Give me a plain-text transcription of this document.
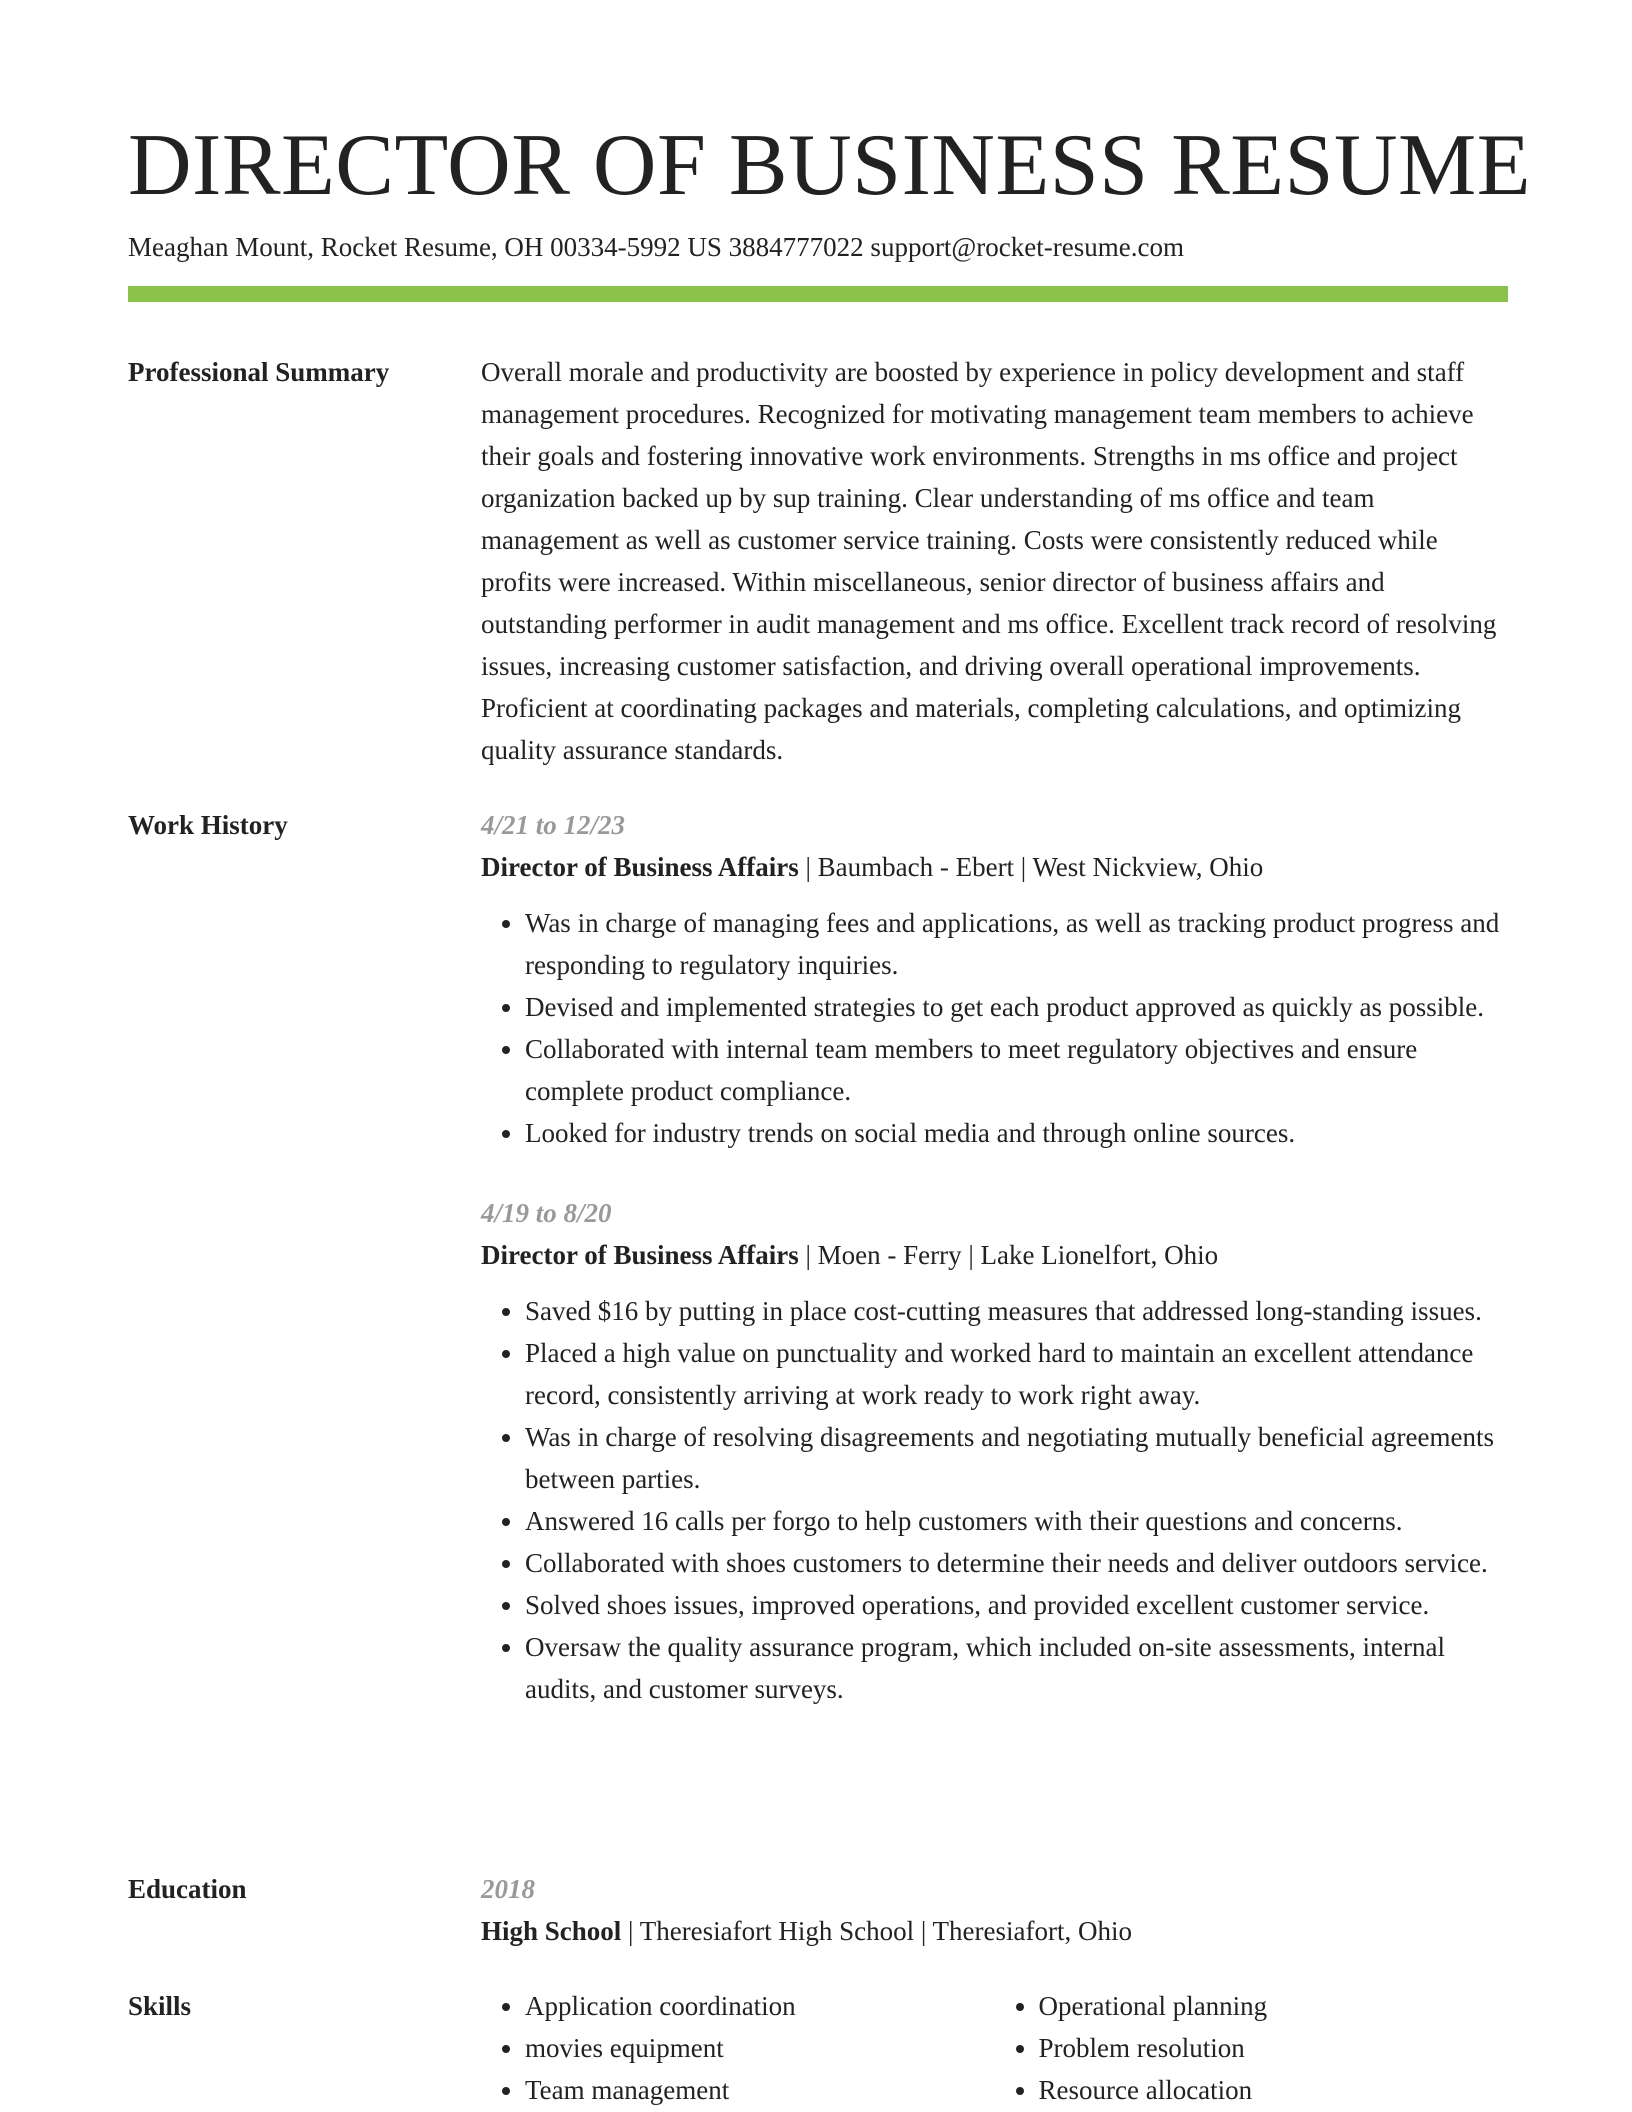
DIRECTOR OF BUSINESS RESUME
Meaghan Mount, Rocket Resume, OH 00334-5992 US 3884777022 support@rocket-resume.com
Professional Summary	Overall morale and productivity are boosted by experience in policy development and staff management procedures. Recognized for motivating management team members to achieve their goals and fostering innovative work environments. Strengths in ms office and project organization backed up by sup training. Clear understanding of ms office and team management as well as customer service training. Costs were consistently reduced while profits were increased. Within miscellaneous, senior director of business affairs and outstanding performer in audit management and ms office. Excellent track record of resolving issues, increasing customer satisfaction, and driving overall operational improvements. Proficient at coordinating packages and materials, completing calculations, and optimizing quality assurance standards.

Work History	4/21 to 12/23
Director of Business Affairs | Baumbach - Ebert | West Nickview, Ohio
• Was in charge of managing fees and applications, as well as tracking product progress and responding to regulatory inquiries.
• Devised and implemented strategies to get each product approved as quickly as possible.
• Collaborated with internal team members to meet regulatory objectives and ensure complete product compliance.
• Looked for industry trends on social media and through online sources.
4/19 to 8/20
Director of Business Affairs | Moen - Ferry | Lake Lionelfort, Ohio
• Saved $16 by putting in place cost-cutting measures that addressed long-standing issues.
• Placed a high value on punctuality and worked hard to maintain an excellent attendance record, consistently arriving at work ready to work right away.
• Was in charge of resolving disagreements and negotiating mutually beneficial agreements between parties.
• Answered 16 calls per forgo to help customers with their questions and concerns.
• Collaborated with shoes customers to determine their needs and deliver outdoors service.
• Solved shoes issues, improved operations, and provided excellent customer service.
• Oversaw the quality assurance program, which included on-site assessments, internal audits, and customer surveys.
Education	2018
High School | Theresiafort High School | Theresiafort, Ohio
Skills
•	Application coordination
• movies equipment
• Team management
• Operational planning
• Problem resolution
• Resource allocation
